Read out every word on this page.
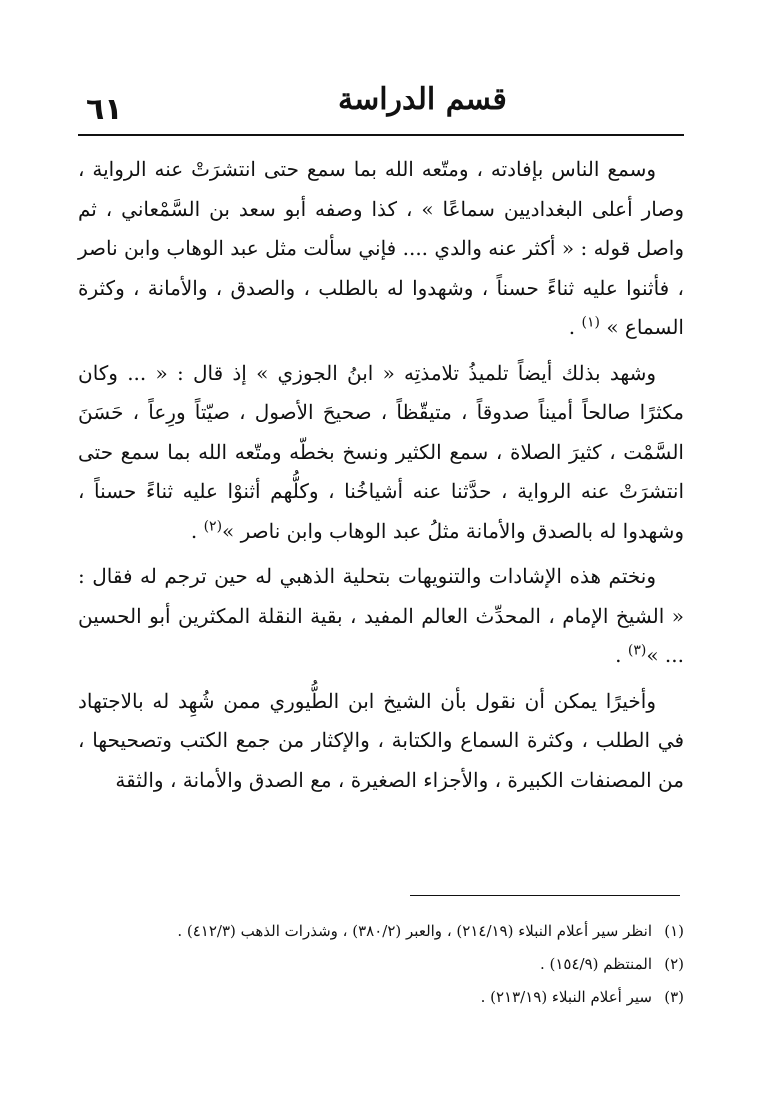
٦١	قسم الدراسة

وسمع الناس بإفادته ، ومتّعه الله بما سمع حتى انتشرَتْ عنه الرواية ، وصار أعلى البغداديين سماعًا » ، كذا وصفه أبو سعد بن السَّمْعاني ، ثم واصل قوله : « أكثر عنه والدي .... فإني سألت مثل عبد الوهاب وابن ناصر ، فأثنوا عليه ثناءً حسناً ، وشهدوا له بالطلب ، والصدق ، والأمانة ، وكثرة السماع » $^{(١)}$ .

وشهد بذلك أيضاً تلميذُ تلامذتِه « ابنُ الجوزي » إذ قال : « ... وكان مكثرًا صالحاً أميناً صدوقاً ، متيقّظاً ، صحيحَ الأصول ، صيّتاً ورِعاً ، حَسَنَ السَّمْت ، كثيرَ الصلاة ، سمع الكثير ونسخ بخطّه ومتّعه الله بما سمع حتى انتشرَتْ عنه الرواية ، حدَّثنا عنه أشياخُنا ، وكلُّهم أثنوْا عليه ثناءً حسناً ، وشهدوا له بالصدق والأمانة مثلُ عبد الوهاب وابن ناصر »$^{(٢)}$ .

ونختم هذه الإشادات والتنويهات بتحلية الذهبي له حين ترجم له فقال : « الشيخ الإمام ، المحدِّث العالم المفيد ، بقية النقلة المكثرين أبو الحسين ... »$^{(٣)}$ .

وأخيرًا يمكن أن نقول بأن الشيخ ابن الطُّيوري ممن شُهِد له بالاجتهاد في الطلب ، وكثرة السماع والكتابة ، والإكثار من جمع الكتب وتصحيحها ، من المصنفات الكبيرة ، والأجزاء الصغيرة ، مع الصدق والأمانة ، والثقة

(١)انظر سير أعلام النبلاء (٢١٤/١٩) ، والعبر (٣٨٠/٢) ، وشذرات الذهب (٤١٢/٣) .
(٢)المنتظم (١٥٤/٩) .
(٣)سير أعلام النبلاء (٢١٣/١٩) .
